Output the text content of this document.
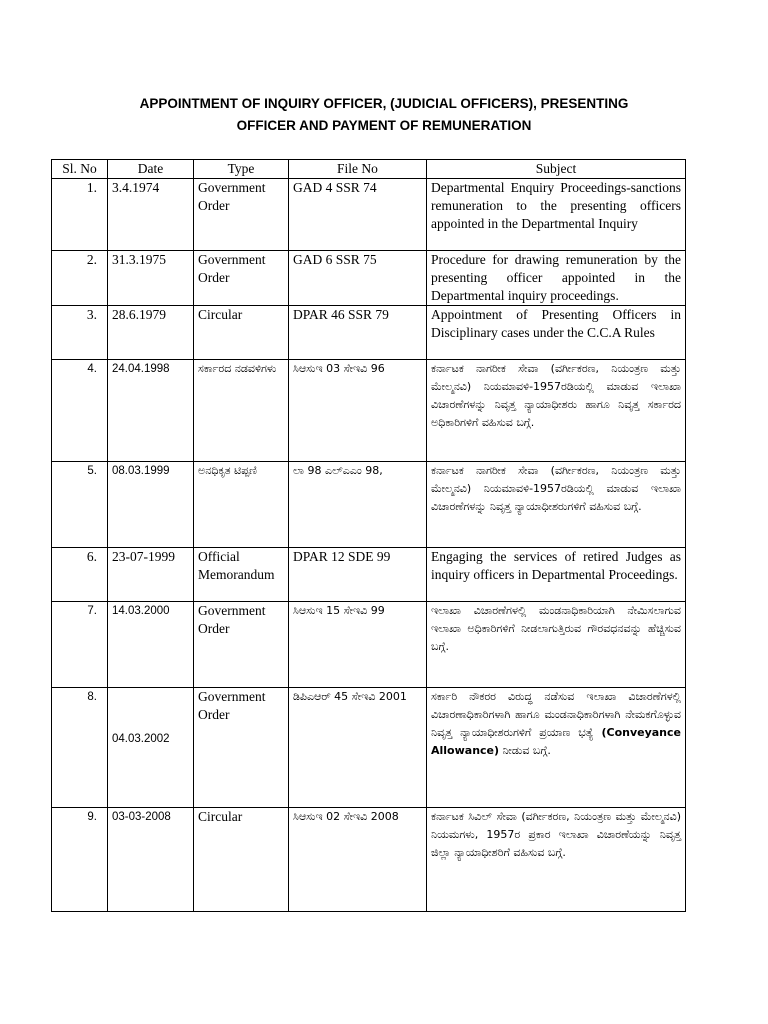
APPOINTMENT OF INQUIRY OFFICER, (JUDICIAL OFFICERS), PRESENTING
OFFICER AND PAYMENT OF REMUNERATION
Sl. No	Date	Type	File No	Subject
1.	3.4.1974	Government Order	GAD 4 SSR 74	Departmental Enquiry Proceedings-sanctions remuneration to the presenting officers appointed in the Departmental Inquiry
2.	31.3.1975	Government Order	GAD 6 SSR 75	Procedure for drawing remuneration by the presenting officer appointed in the Departmental inquiry proceedings.
3.	28.6.1979	Circular	DPAR 46 SSR 79	Appointment of Presenting Officers in Disciplinary cases under the C.C.A Rules
4.	24.04.1998	ಸರ್ಕಾರದ ನಡವಳಿಗಳು	ಸಿಆಸುಇ 03 ಸೇಇವಿ 96	ಕರ್ನಾಟಕ ನಾಗರೀಕ ಸೇವಾ (ವರ್ಗೀಕರಣ, ನಿಯಂತ್ರಣ ಮತ್ತು ಮೇಲ್ಮನವಿ) ನಿಯಮಾವಳಿ-1957ರಡಿಯಲ್ಲಿ ಮಾಡುವ ಇಲಾಖಾ ವಿಚಾರಣೆಗಳನ್ನು ನಿವೃತ್ತ ನ್ಯಾಯಾಧೀಶರು ಹಾಗೂ ನಿವೃತ್ತ ಸರ್ಕಾರದ ಅಧಿಕಾರಿಗಳಿಗೆ ವಹಿಸುವ ಬಗ್ಗೆ.
5.	08.03.1999	ಅನಧಿಕೃತ ಟಿಪ್ಪಣಿ	ಲಾ 98 ಎಲ್ಎಎಂ 98,	ಕರ್ನಾಟಕ ನಾಗರೀಕ ಸೇವಾ (ವರ್ಗೀಕರಣ, ನಿಯಂತ್ರಣ ಮತ್ತು ಮೇಲ್ಮನವಿ) ನಿಯಮಾವಳಿ-1957ರಡಿಯಲ್ಲಿ ಮಾಡುವ ಇಲಾಖಾ ವಿಚಾರಣೆಗಳನ್ನು ನಿವೃತ್ತ ನ್ಯಾಯಾಧೀಶರುಗಳಿಗೆ ವಹಿಸುವ ಬಗ್ಗೆ.
6.	23-07-1999	Official Memorandum	DPAR 12 SDE 99	Engaging the services of retired Judges as inquiry officers in Departmental Proceedings.
7.	14.03.2000	Government Order	ಸಿಆಸುಇ 15 ಸೇಇವಿ 99	ಇಲಾಖಾ ವಿಚಾರಣೆಗಳಲ್ಲಿ ಮಂಡನಾಧಿಕಾರಿಯಾಗಿ ನೇಮಿಸಲಾಗುವ ಇಲಾಖಾ ಅಧಿಕಾರಿಗಳಿಗೆ ನೀಡಲಾಗುತ್ತಿರುವ ಗೌರವಧನವನ್ನು ಹೆಚ್ಚಿಸುವ ಬಗ್ಗೆ.
8.	04.03.2002	Government Order	ಡಿಪಿಎಆರ್ 45 ಸೇಇವಿ 2001	ಸರ್ಕಾರಿ ನೌಕರರ ವಿರುದ್ಧ ನಡೆಸುವ ಇಲಾಖಾ ವಿಚಾರಣೆಗಳಲ್ಲಿ ವಿಚಾರಣಾಧಿಕಾರಿಗಳಾಗಿ ಹಾಗೂ ಮಂಡನಾಧಿಕಾರಿಗಳಾಗಿ ನೇಮಕಗೊಳ್ಳುವ ನಿವೃತ್ತ ನ್ಯಾಯಾಧೀಶರುಗಳಿಗೆ ಪ್ರಯಾಣ ಭತ್ಯೆ (Conveyance Allowance) ನೀಡುವ ಬಗ್ಗೆ.
9.	03-03-2008	Circular	ಸಿಆಸುಇ 02 ಸೇಇವಿ 2008	ಕರ್ನಾಟಕ ಸಿವಿಲ್ ಸೇವಾ (ವರ್ಗೀಕರಣ, ನಿಯಂತ್ರಣ ಮತ್ತು ಮೇಲ್ಮನವಿ) ನಿಯಮಗಳು, 1957ರ ಪ್ರಕಾರ ಇಲಾಖಾ ವಿಚಾರಣೆಯನ್ನು ನಿವೃತ್ತ ಜಿಲ್ಲಾ ನ್ಯಾಯಾಧೀಶರಿಗೆ ವಹಿಸುವ ಬಗ್ಗೆ.
